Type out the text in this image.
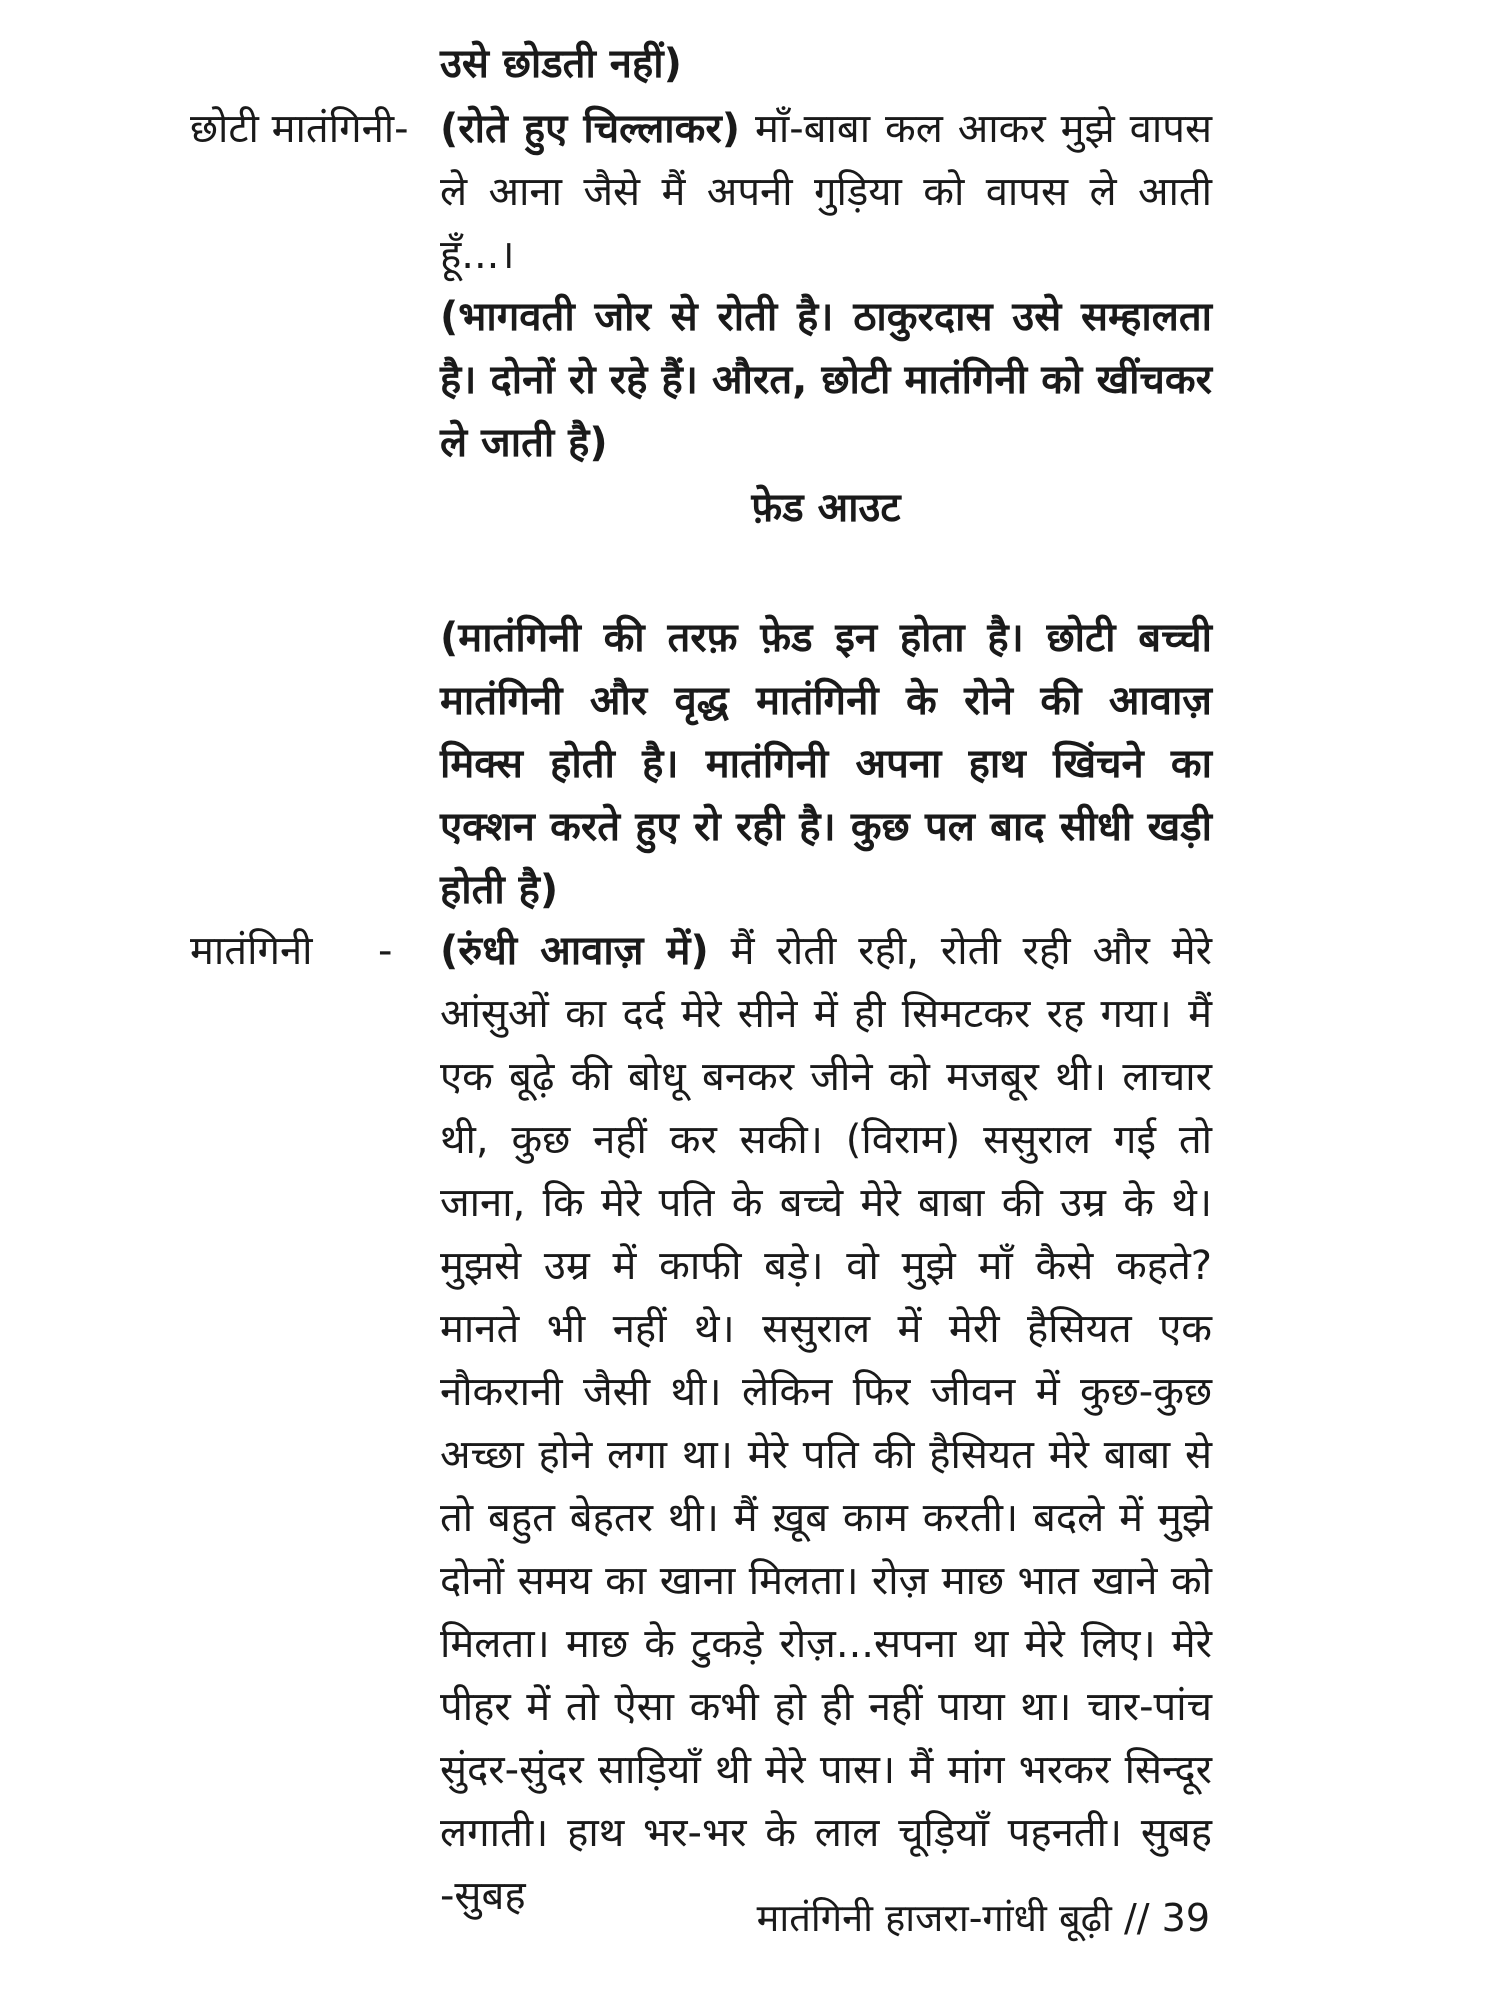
उसे छोडती नहीं)
छोटी मातंगिनी- (रोते हुए चिल्लाकर) माँ-बाबा कल आकर मुझे वापस ले आना जैसे मैं अपनी गुड़िया को वापस ले आती हूँ...।
(भागवती जोर से रोती है। ठाकुरदास उसे सम्हालता है। दोनों रो रहे हैं। औरत, छोटी मातंगिनी को खींचकर ले जाती है)
फ़ेड आउट
(मातंगिनी की तरफ़ फ़ेड इन होता है। छोटी बच्ची मातंगिनी और वृद्ध मातंगिनी के रोने की आवाज़ मिक्स होती है। मातंगिनी अपना हाथ खिंचने का एक्शन करते हुए रो रही है। कुछ पल बाद सीधी खड़ी होती है)
मातंगिनी - (रुंधी आवाज़ में) मैं रोती रही, रोती रही और मेरे आंसुओं का दर्द मेरे सीने में ही सिमटकर रह गया। मैं एक बूढ़े की बोधू बनकर जीने को मजबूर थी। लाचार थी, कुछ नहीं कर सकी। (विराम) ससुराल गई तो जाना, कि मेरे पति के बच्चे मेरे बाबा की उम्र के थे। मुझसे उम्र में काफी बड़े। वो मुझे माँ कैसे कहते? मानते भी नहीं थे। ससुराल में मेरी हैसियत एक नौकरानी जैसी थी। लेकिन फिर जीवन में कुछ-कुछ अच्छा होने लगा था। मेरे पति की हैसियत मेरे बाबा से तो बहुत बेहतर थी। मैं ख़ूब काम करती। बदले में मुझे दोनों समय का खाना मिलता। रोज़ माछ भात खाने को मिलता। माछ के टुकड़े रोज़...सपना था मेरे लिए। मेरे पीहर में तो ऐसा कभी हो ही नहीं पाया था। चार-पांच सुंदर-सुंदर साड़ियाँ थी मेरे पास। मैं मांग भरकर सिन्दूर लगाती। हाथ भर-भर के लाल चूड़ियाँ पहनती। सुबह -सुबह	मातंगिनी हाजरा-गांधी बूढ़ी // 39
